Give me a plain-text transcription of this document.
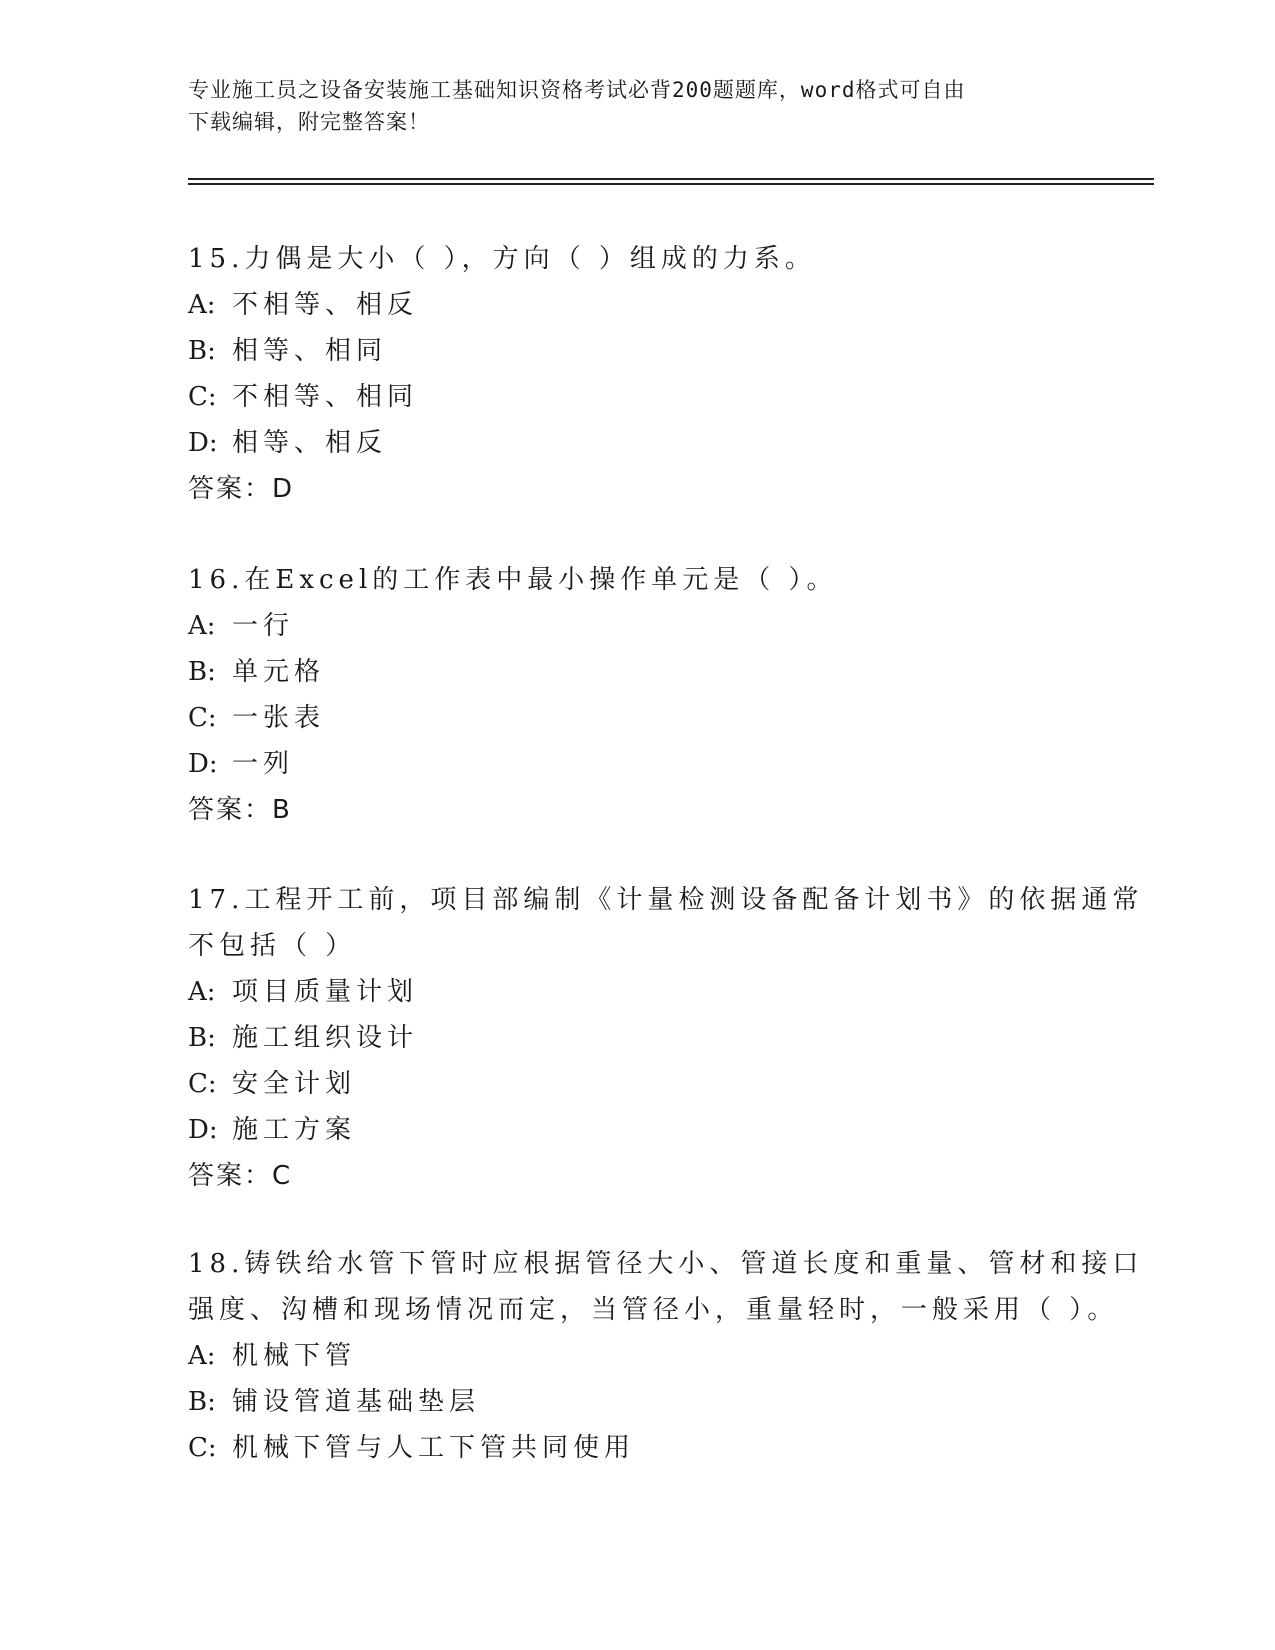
专业施工员之设备安装施工基础知识资格考试必背200题题库，word格式可自由
下载编辑，附完整答案！
15.力偶是大小（ ），方向（ ）组成的力系。
A: 不相等、相反
B: 相等、相同
C: 不相等、相同
D: 相等、相反
答案：D
16.在Excel的工作表中最小操作单元是（ ）。
A: 一行
B: 单元格
C: 一张表
D: 一列
答案：B
17.工程开工前，项目部编制《计量检测设备配备计划书》的依据通常
不包括（ ）
A: 项目质量计划
B: 施工组织设计
C: 安全计划
D: 施工方案
答案：C
18.铸铁给水管下管时应根据管径大小、管道长度和重量、管材和接口
强度、沟槽和现场情况而定，当管径小，重量轻时，一般采用（ ）。
A: 机械下管
B: 铺设管道基础垫层
C: 机械下管与人工下管共同使用
